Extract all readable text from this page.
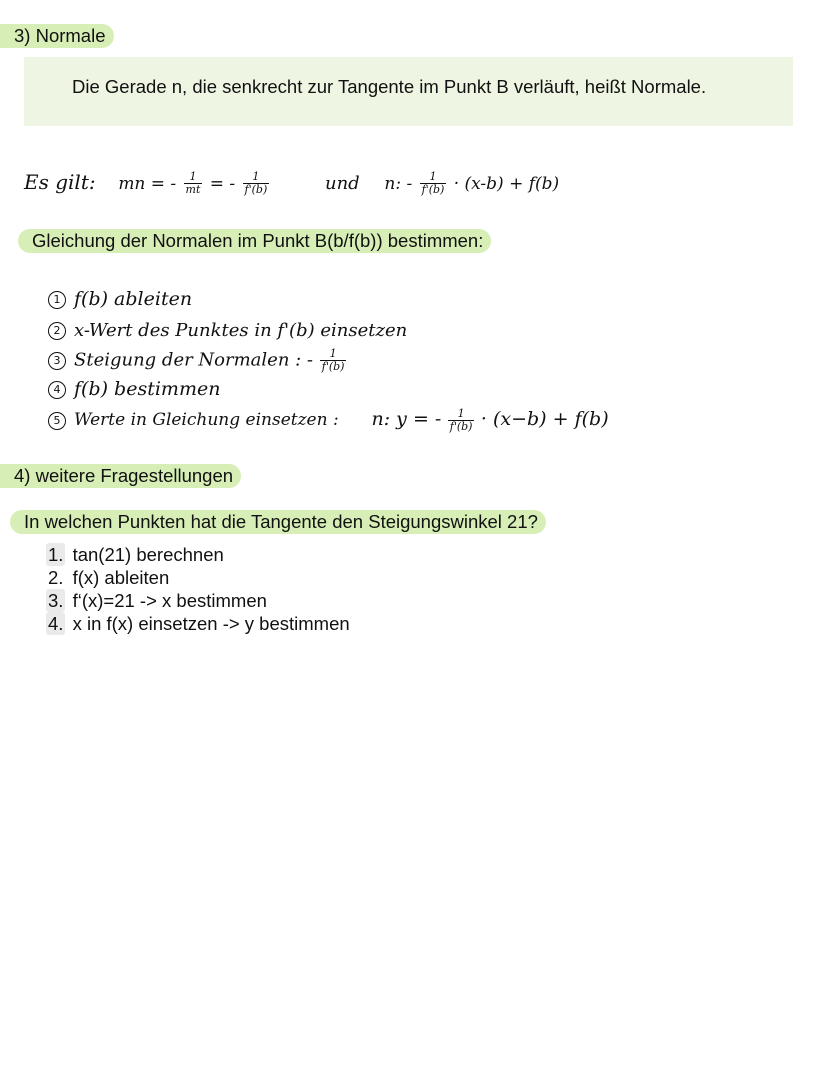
3) Normale
Die Gerade n, die senkrecht zur Tangente im Punkt B verläuft, heißt Normale.
Es gilt: mn = - $\frac{1}{mt}$ = - $\frac{1}{f'(b)}$	und n: - $\frac{1}{f'(b)} \cdot (x-b) + f(b)$
Gleichung der Normalen im Punkt B(b/f(b)) bestimmen:
1 f(b) ableiten
2 x-Wert des Punktes in f'(b) einsetzen
3 Steigung der Normalen : - $\frac{1}{f'(b)}$
4 f(b) bestimmen
5 Werte in Gleichung einsetzen : n: y = - $\frac{1}{f'(b)} \cdot (x-b) + f(b)$
4) weitere Fragestellungen
In welchen Punkten hat die Tangente den Steigungswinkel 21?
1. tan(21) berechnen
2. f(x) ableiten
3. f‘(x)=21 -> x bestimmen
4. x in f(x) einsetzen -> y bestimmen
